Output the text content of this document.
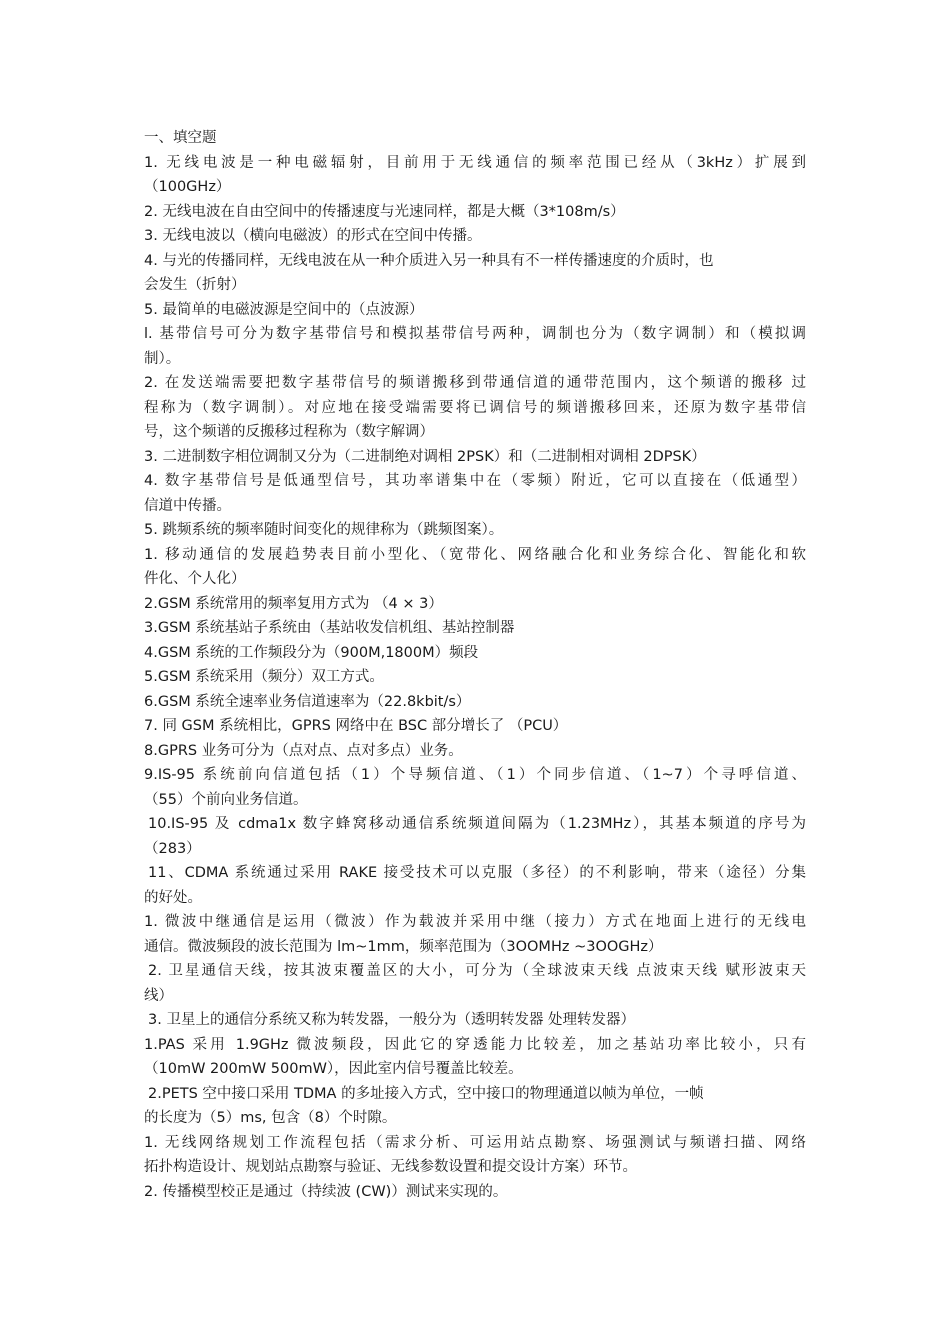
一、填空题
1. 无线电波是一种电磁辐射，目前用于无线通信的频率范围已经从（3kHz）扩展到
（100GHz）
2. 无线电波在自由空间中的传播速度与光速同样，都是大概（3*108m/s）
3. 无线电波以（横向电磁波）的形式在空间中传播。
4. 与光的传播同样，无线电波在从一种介质进入另一种具有不一样传播速度的介质时，也
会发生（折射）
5. 最简单的电磁波源是空间中的（点波源）
l. 基带信号可分为数字基带信号和模拟基带信号两种，调制也分为（数字调制）和（模拟调
制）。
2. 在发送端需要把数字基带信号的频谱搬移到带通信道的通带范围内，这个频谱的搬移 过
程称为（数字调制）。对应地在接受端需要将已调信号的频谱搬移回来，还原为数字基带信
号，这个频谱的反搬移过程称为（数字解调）
3. 二进制数字相位调制又分为（二进制绝对调相 2PSK）和（二进制相对调相 2DPSK）
4. 数字基带信号是低通型信号，其功率谱集中在（零频）附近，它可以直接在（低通型）
信道中传播。
5. 跳频系统的频率随时间变化的规律称为（跳频图案）。
1. 移动通信的发展趋势表目前小型化、（宽带化、网络融合化和业务综合化、智能化和软
件化、个人化）
2.GSM 系统常用的频率复用方式为 （4 × 3）
3.GSM 系统基站子系统由（基站收发信机组、基站控制器
4.GSM 系统的工作频段分为（900M,1800M）频段
5.GSM 系统采用（频分）双工方式。
6.GSM 系统全速率业务信道速率为（22.8kbit/s）
7. 同 GSM 系统相比，GPRS 网络中在 BSC 部分增长了 （PCU）
8.GPRS 业务可分为（点对点、点对多点）业务。
9.IS-95 系统前向信道包括（1）个导频信道、（1）个同步信道、（1~7）个寻呼信道、
（55）个前向业务信道。
10.IS-95 及 cdma1x 数字蜂窝移动通信系统频道间隔为（1.23MHz），其基本频道的序号为
（283）
11、CDMA 系统通过采用 RAKE 接受技术可以克服（多径）的不利影响，带来（途径）分集
的好处。
1. 微波中继通信是运用（微波）作为载波并采用中继（接力）方式在地面上进行的无线电
通信。微波频段的波长范围为 lm~1mm，频率范围为（3OOMHz ~3OOGHz）
2. 卫星通信天线，按其波束覆盖区的大小，可分为（全球波束天线 点波束天线 赋形波束天
线）
3. 卫星上的通信分系统又称为转发器，一般分为（透明转发器 处理转发器）
1.PAS 采用 1.9GHz 微波频段，因此它的穿透能力比较差，加之基站功率比较小，只有
（10mW 200mW 500mW），因此室内信号覆盖比较差。
2.PETS 空中接口采用 TDMA 的多址接入方式，空中接口的物理通道以帧为单位，一帧
的长度为（5）ms, 包含（8）个时隙。
1. 无线网络规划工作流程包括（需求分析、可运用站点勘察、场强测试与频谱扫描、网络
拓扑构造设计、规划站点勘察与验证、无线参数设置和提交设计方案）环节。
2. 传播模型校正是通过（持续波 (CW)）测试来实现的。
